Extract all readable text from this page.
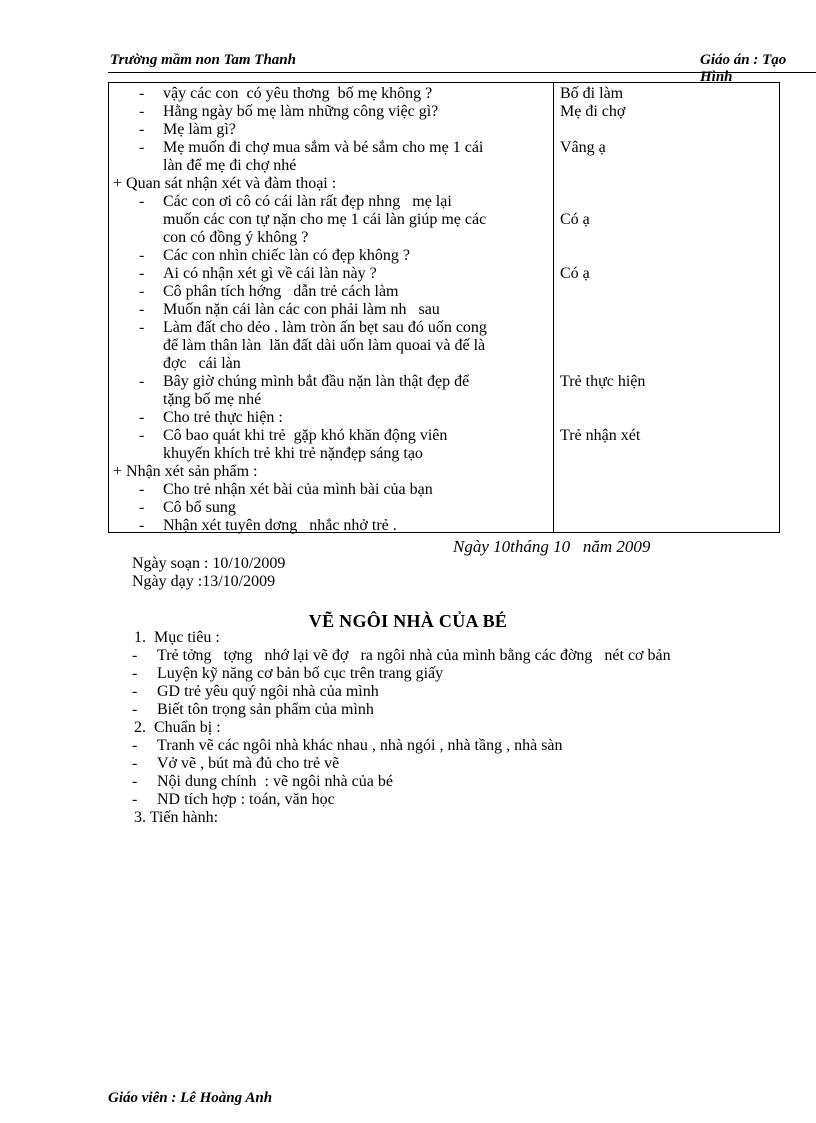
Trường mầm non Tam Thanh	Giáo án : Tạo Hình
Ngày 10tháng 10   năm 2009
Ngày soạn : 10/10/2009
Ngày dạy :13/10/2009
VẼ NGÔI NHÀ CỦA BÉ
Giáo viên : Lê Hoàng Anh
- vậy các con  có yêu thơng  bố mẹ không ?
- Hằng ngày bố mẹ làm những công việc gì?
- Mẹ làm gì?
- Mẹ muốn đi chợ mua sắm và bé sắm cho mẹ 1 cái
làn để mẹ đi chợ nhé
+ Quan sát nhận xét và đàm thoại :
- Các con ơi cô có cái làn rất đẹp nhng   mẹ lại
muốn các con tự nặn cho mẹ 1 cái làn giúp mẹ các
con có đồng ý không ?
- Các con nhìn chiếc làn có đẹp không ?
- Ai có nhận xét gì về cái làn này ?
- Cô phân tích hớng   dẫn trẻ cách làm
- Muốn nặn cái làn các con phải làm nh   sau
- Làm đất cho dẻo . làm tròn ấn bẹt sau đó uốn cong
để làm thân làn  lăn đất dài uốn làm quoai và đế là
đợc   cái làn
- Bây giờ chúng mình bắt đầu nặn làn thật đẹp để
tặng bố mẹ nhé
- Cho trẻ thực hiện :
- Cô bao quát khi trẻ  gặp khó khăn động viên
khuyến khích trẻ khi trẻ nặnđẹp sáng tạo
+ Nhận xét sản phẩm :
- Cho trẻ nhận xét bài của mình bài của bạn
- Cô bổ sung
- Nhận xét tuyên dơng   nhắc nhở trẻ .
Bố đi làm
Mẹ đi chợ
Vâng ạ
Có ạ
Có ạ
Trẻ thực hiện
Trẻ nhận xét
1.  Mục tiêu :
- Trẻ tởng   tợng   nhớ lại vẽ đợ   ra ngôi nhà của mình bằng các đờng   nét cơ bản
- Luyện kỹ năng cơ bản bố cục trên trang giấy
- GD trẻ yêu quý ngôi nhà của mình
- Biết tôn trọng sản phẩm của mình
2.  Chuẩn bị :
- Tranh vẽ các ngôi nhà khác nhau , nhà ngói , nhà tầng , nhà sàn
- Vở vẽ , bút mà đủ cho trẻ vẽ
- Nội dung chính  : vẽ ngôi nhà của bé
- ND tích hợp : toán, văn học
3. Tiến hành:
